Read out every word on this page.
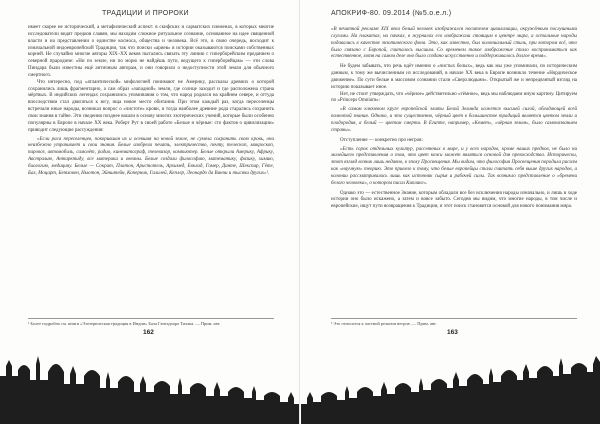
ТРАДИЦИИ И ПРОРОКИ

имеет скорее не исторический, а метафизический аспект: в скифских и сарматских племенах, в которых многие исследователи видят предков славян, мы находим сложное ритуальное сознание, основанное на идее священной власти и на представлении о единстве космоса, общества и человека. Всё это, в свою очередь, восходит к изначальной индоевропейской Традиции, так что поиски «ариев» в истории оказываются поисками собственных корней. Не случайно многие авторы XIX–XX веков пытались связать эту линию с гиперборейским преданием о северной прародине: «Ни по земле, ни по морю не найдёшь пути, ведущего к гиперборейцам» — эти слова Пиндара были известны ещё античным авторам, и они говорили о недоступности этой земли для обычного смертного.

Что интересно, под «атлантической» мифологией понимают не Америку, рассказы древних о которой сохранились лишь фрагментарно, а сам образ «западной» земли, где солнце заходит и где расположена страна мёртвых. В индийских легендах сохранились упоминания о том, что народ родился на крайнем севере, и оттуда впоследствии стал двигаться к югу, ища новое место обитания. При этом каждый раз, когда переселенцы встречали иные народы, возникал вопрос о «чистоте» крови, и тогда наиболее древние рода старались сохранить свои знания в тайне. Эти сведения позднее вошли в основу многих эзотерических учений, которые были особенно популярны в Европе в начале XX века. Роберт Рут в своей работе «Белые и чёрные: сто фактов о цивилизации» приводит следующие рассуждения:

«Если раса переселенцев, покорившая их и осевшая на новой земле, не сумела сохранить свою кровь, она неизбежно утрачивает и свои знания. Белые изобрели печать, электричество, почту, телескоп, микроскоп, паровоз, автомобиль, самолёт, радио, кинематограф, телевизор, компьютер. Белые открыли Америку, Африку, Австралию, Антарктиду, все материки и океаны. Белые создали философию, математику, физику, химию, биологию, медицину. Белые — Сократ, Платон, Аристотель, Архимед, Евклид, Гомер, Данте, Шекспир, Гёте, Бах, Моцарт, Бетховен, Ньютон, Эйнштейн, Коперник, Галилей, Кеплер, Леонардо да Винчи и тысячи других»¹.

¹ Более подробно см. книги «Эзотерическая традиция в Индии» Бала Гангадхара Тилака. — Прим. авт.
162
АПОКРИФ-80. 09.2014 (№5.о.е.л.)

«В печатной рекламе XIX века белый человек изображался носителем цивилизации, окружённым послушными слугами. На плакатах, на пачках, в журналах его изображали стоящим в центре мира, а остальные народы подавались в качестве экзотического фона. Это, как известно, был колониальный стиль, при котором всё, что было связано с Европой, считалось высшим. Со временем такое изображение стало восприниматься как естественное, хотя на самом деле оно было создано искусственно и поддерживалось долгое время».

Не будем забывать, что речь идёт именно о «чистых белых», ведь как мы уже упоминали, по историческим данным, к тому же вычисленным из исследований, в начале XX века в Европе возникло течение «Нордическое движение». По сути белые в массовом сознании стали «Сверхлюдьми». Открытый же и непредвзятый взгляд на историю показывает иное.

Нет, не стоит утверждать, что «чёрное» действительно «тёмное», ведь мы наблюдаем иную картину. Цитируем по «Princeps Omnium»:

«В самом ключевом круге европейской элиты Белой Зелинда кажется высшей силой, обладающей всей полнотой знания. Однако, и это существенно, чёрный цвет в большинстве традиций является цветом земли и плодородия, а белый — цветом смерти. В Египте, например, «Кемет», «чёрная земля», было самоназванием страны».

Отступление — конкретно про негров:

«Есть сорок отдельных культур, рассеянных в мире, и у всех народов, кроме наших предков, не было ни малейшего представления о том, что цвет кожи может являться основой для превосходства. Исторически, этот взгляд возник лишь недавно, в эпоху Просвещения. Мы видим, что философия Просвещения породила расизм как «научную» теорию. Это привело к тому, что белые европейцы стали считать себя выше других народов, а колонии рассматривались лишь как источник сырья и рабочей силы. Так возникло представление о «бремени белого человека», о котором писал Киплинг».

Однако это — естественное Знание, которым обладали все без исключения народы изначально, и лишь в ходе истории оно было искажено, а затем и вовсе забыто. Сегодня мы видим, что многие народы, в том числе и европейские, ищут пути возвращения к Традиции, и этот поиск становится основой для нового понимания мира.

¹ Это относится к частной религии негров. — Прим. авт.
163
